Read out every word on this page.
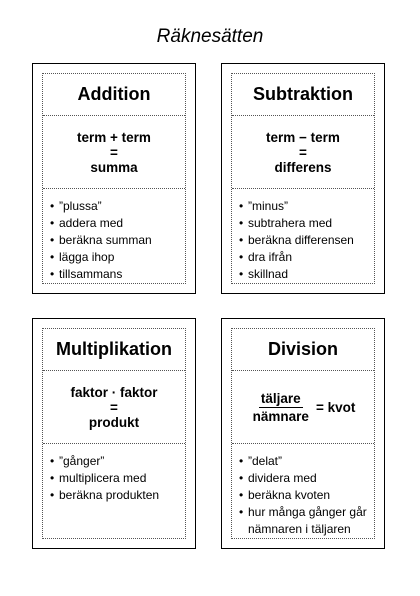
Räknesätten
Addition
term + term
=
summa
• ”plussa”
• addera med
• beräkna summan
• lägga ihop
• tillsammans
Subtraktion
term − term
=
differens
• ”minus”
• subtrahera med
• beräkna differensen
• dra ifrån
• skillnad
Multiplikation
faktor · faktor
=
produkt
• ”gånger”
• multiplicera med
• beräkna produkten
Division
$\frac{\text{täljare}}{\text{nämnare}}$ = kvot
• ”delat”
• dividera med
• beräkna kvoten
• hur många gånger går nämnaren i täljaren
